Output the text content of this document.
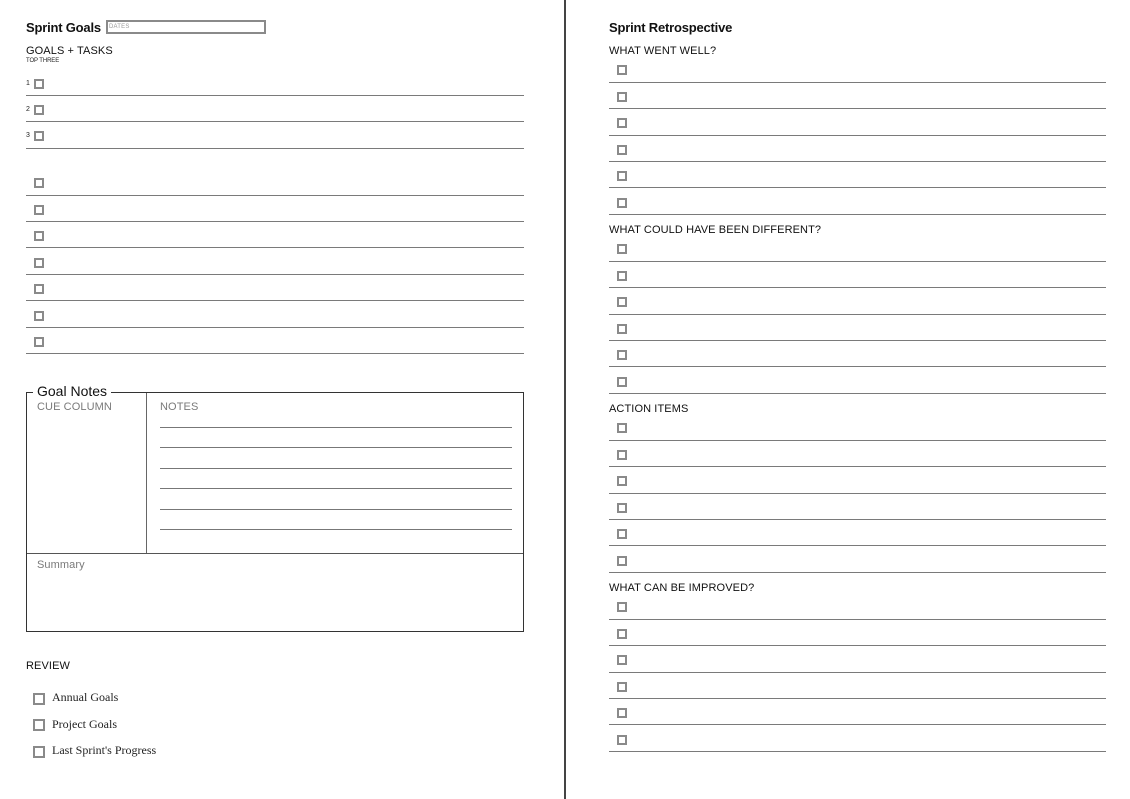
Sprint Goals	DATES
GOALS + TASKS
TOP THREE
1
2
3
Goal Notes
CUE COLUMN	NOTES
Summary
REVIEW
Annual Goals
Project Goals
Last Sprint's Progress
Sprint Retrospective
WHAT WENT WELL?
WHAT COULD HAVE BEEN DIFFERENT?
ACTION ITEMS
WHAT CAN BE IMPROVED?
